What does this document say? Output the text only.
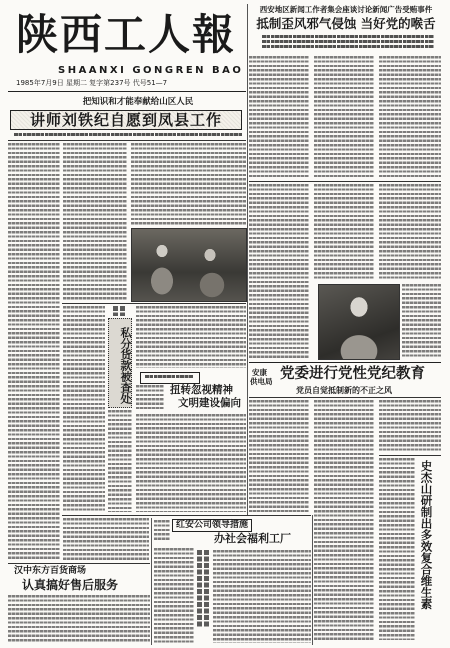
陕西工人報
SHAANXI GONGREN BAO
1985年7月9日 星期二 复字第237号 代号51—7
西安地区新闻工作者集会座谈讨论新闻广告受贿事件
抵制歪风邪气侵蚀 当好党的喉舌
安康
供电局 党委进行党性党纪教育
党员自觉抵制新的不正之风
史杰山研制出多效复合维生素
把知识和才能奉献给山区人民
讲师刘铁纪自愿到凤县工作
私分货款被查处	扭转忽视精神
文明建设偏向
汉中东方百货商场
认真搞好售后服务
红安公司领导措施
办社会福利工厂
